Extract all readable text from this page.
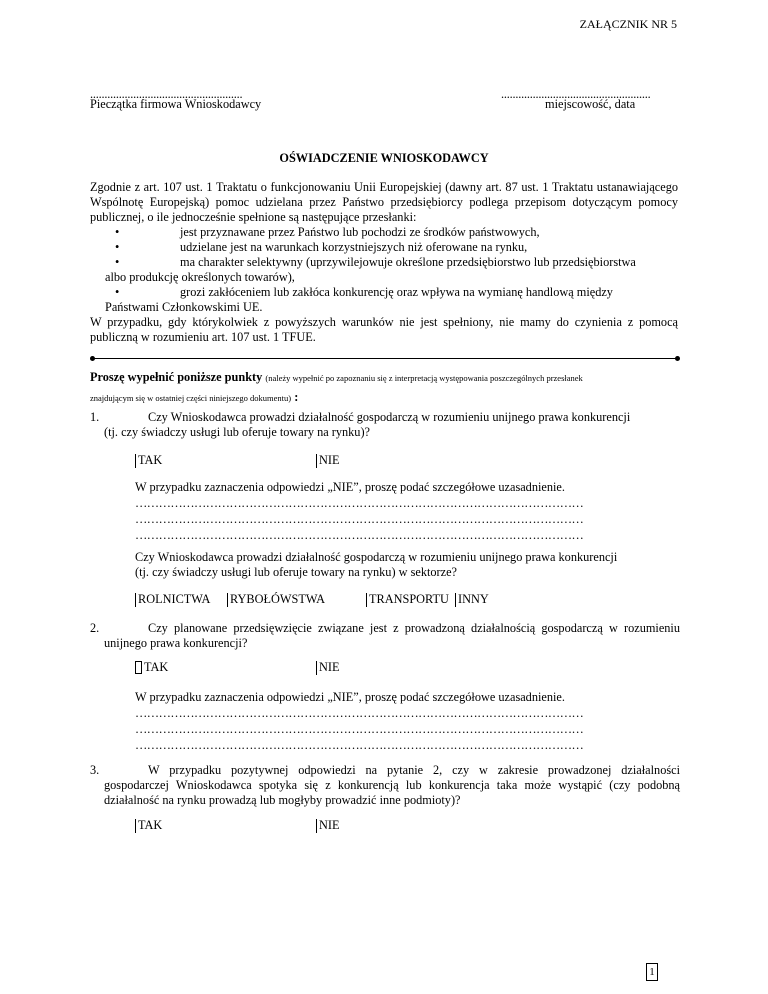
ZAŁĄCZNIK NR 5
.....................................................	....................................................
Pieczątka firmowa Wnioskodawcy	miejscowość, data
OŚWIADCZENIE WNIOSKODAWCY

Zgodnie z art. 107 ust. 1 Traktatu o funkcjonowaniu Unii Europejskiej (dawny art. 87 ust. 1 Traktatu ustanawiającego Wspólnotę Europejską) pomoc udzielana przez Państwo przedsiębiorcy podlega przepisom dotyczącym pomocy publicznej, o ile jednocześnie spełnione są następujące przesłanki:

•	jest przyznawane przez Państwo lub pochodzi ze środków państwowych,
•	udzielane jest na warunkach korzystniejszych niż oferowane na rynku,
•	ma charakter selektywny (uprzywilejowuje określone przedsiębiorstwo lub przedsiębiorstwa
albo produkcję określonych towarów),
•	grozi zakłóceniem lub zakłóca konkurencję oraz wpływa na wymianę handlową między
Państwami Członkowskimi UE.

W przypadku, gdy którykolwiek z powyższych warunków nie jest spełniony, nie mamy do czynienia z pomocą publiczną w rozumieniu art. 107 ust. 1 TFUE.

Proszę wypełnić poniższe punkty (należy wypełnić po zapoznaniu się z interpretacją występowania poszczególnych przesłanek
znajdującym się w ostatniej części niniejszego dokumentu) :
1.	Czy Wnioskodawca prowadzi działalność gospodarczą w rozumieniu unijnego prawa konkurencji
(tj. czy świadczy usługi lub oferuje towary na rynku)?
TAK	NIE
W przypadku zaznaczenia odpowiedzi „NIE”, proszę podać szczegółowe uzasadnienie.
……………………………………………………………………………………………………
……………………………………………………………………………………………………
……………………………………………………………………………………………………
Czy Wnioskodawca prowadzi działalność gospodarczą w rozumieniu unijnego prawa konkurencji
(tj. czy świadczy usługi lub oferuje towary na rynku) w sektorze?
ROLNICTWA RYBOŁÓWSTWA	TRANSPORTU INNY
2.	Czy planowane przedsięwzięcie związane jest z prowadzoną działalnością gospodarczą w rozumieniu
unijnego prawa konkurencji?
TAK	NIE
W przypadku zaznaczenia odpowiedzi „NIE”, proszę podać szczegółowe uzasadnienie.
……………………………………………………………………………………………………
……………………………………………………………………………………………………
……………………………………………………………………………………………………
3.	W przypadku pozytywnej odpowiedzi na pytanie 2, czy w zakresie prowadzonej działalności
gospodarczej Wnioskodawca spotyka się z konkurencją lub konkurencja taka może wystąpić (czy podobną
działalność na rynku prowadzą lub mogłyby prowadzić inne podmioty)?
TAK	NIE
1
